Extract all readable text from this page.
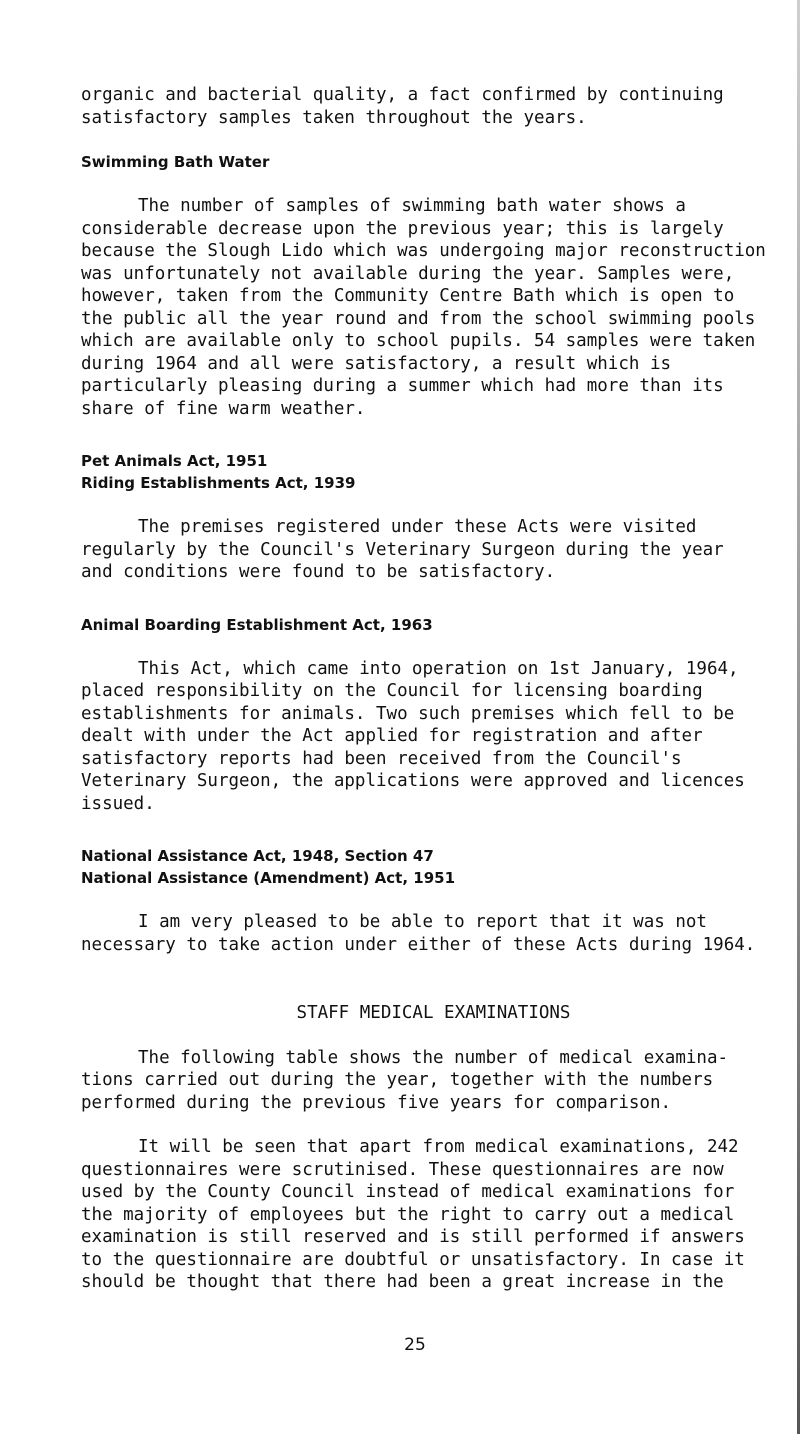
organic and bacterial quality, a fact confirmed by continuing
satisfactory samples taken throughout the years.

Swimming Bath Water

The number of samples of swimming bath water shows a
considerable decrease upon the previous year; this is largely
because the Slough Lido which was undergoing major reconstruction
was unfortunately not available during the year. Samples were,
however, taken from the Community Centre Bath which is open to
the public all the year round and from the school swimming pools
which are available only to school pupils. 54 samples were taken
during 1964 and all were satisfactory, a result which is
particularly pleasing during a summer which had more than its
share of fine warm weather.

Pet Animals Act, 1951
Riding Establishments Act, 1939

The premises registered under these Acts were visited
regularly by the Council's Veterinary Surgeon during the year
and conditions were found to be satisfactory.

Animal Boarding Establishment Act, 1963

This Act, which came into operation on 1st January, 1964,
placed responsibility on the Council for licensing boarding
establishments for animals. Two such premises which fell to be
dealt with under the Act applied for registration and after
satisfactory reports had been received from the Council's
Veterinary Surgeon, the applications were approved and licences
issued.

National Assistance Act, 1948, Section 47
National Assistance (Amendment) Act, 1951

I am very pleased to be able to report that it was not
necessary to take action under either of these Acts during 1964.

STAFF MEDICAL EXAMINATIONS

The following table shows the number of medical examina-
tions carried out during the year, together with the numbers
performed during the previous five years for comparison.

It will be seen that apart from medical examinations, 242
questionnaires were scrutinised. These questionnaires are now
used by the County Council instead of medical examinations for
the majority of employees but the right to carry out a medical
examination is still reserved and is still performed if answers
to the questionnaire are doubtful or unsatisfactory. In case it
should be thought that there had been a great increase in the

25
